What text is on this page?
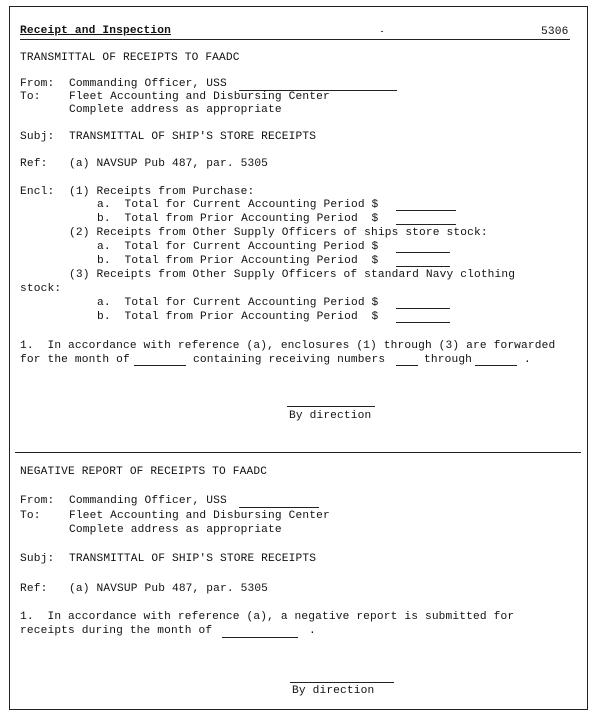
Receipt and Inspection	5306
TRANSMITTAL OF RECEIPTS TO FAADC
From: Commanding Officer, USS
To:	Fleet Accounting and Disbursing Center
Complete address as appropriate
Subj: TRANSMITTAL OF SHIP'S STORE RECEIPTS
Ref: (a) NAVSUP Pub 487, par. 5305
Encl: (1) Receipts from Purchase:
a.  Total for Current Accounting Period $
b.  Total from Prior Accounting Period  $
(2) Receipts from Other Supply Officers of ships store stock:
a.  Total for Current Accounting Period $
b.  Total from Prior Accounting Period  $
(3) Receipts from Other Supply Officers of standard Navy clothing
stock:
a.  Total for Current Accounting Period $
b.  Total from Prior Accounting Period  $
1.  In accordance with reference (a), enclosures (1) through (3) are forwarded
for the month of	containing receiving numbers	through	.
By direction
NEGATIVE REPORT OF RECEIPTS TO FAADC
From: Commanding Officer, USS
To:	Fleet Accounting and Disbursing Center
Complete address as appropriate
Subj: TRANSMITTAL OF SHIP'S STORE RECEIPTS
Ref: (a) NAVSUP Pub 487, par. 5305
1.  In accordance with reference (a), a negative report is submitted for
receipts during the month of	.
By direction
